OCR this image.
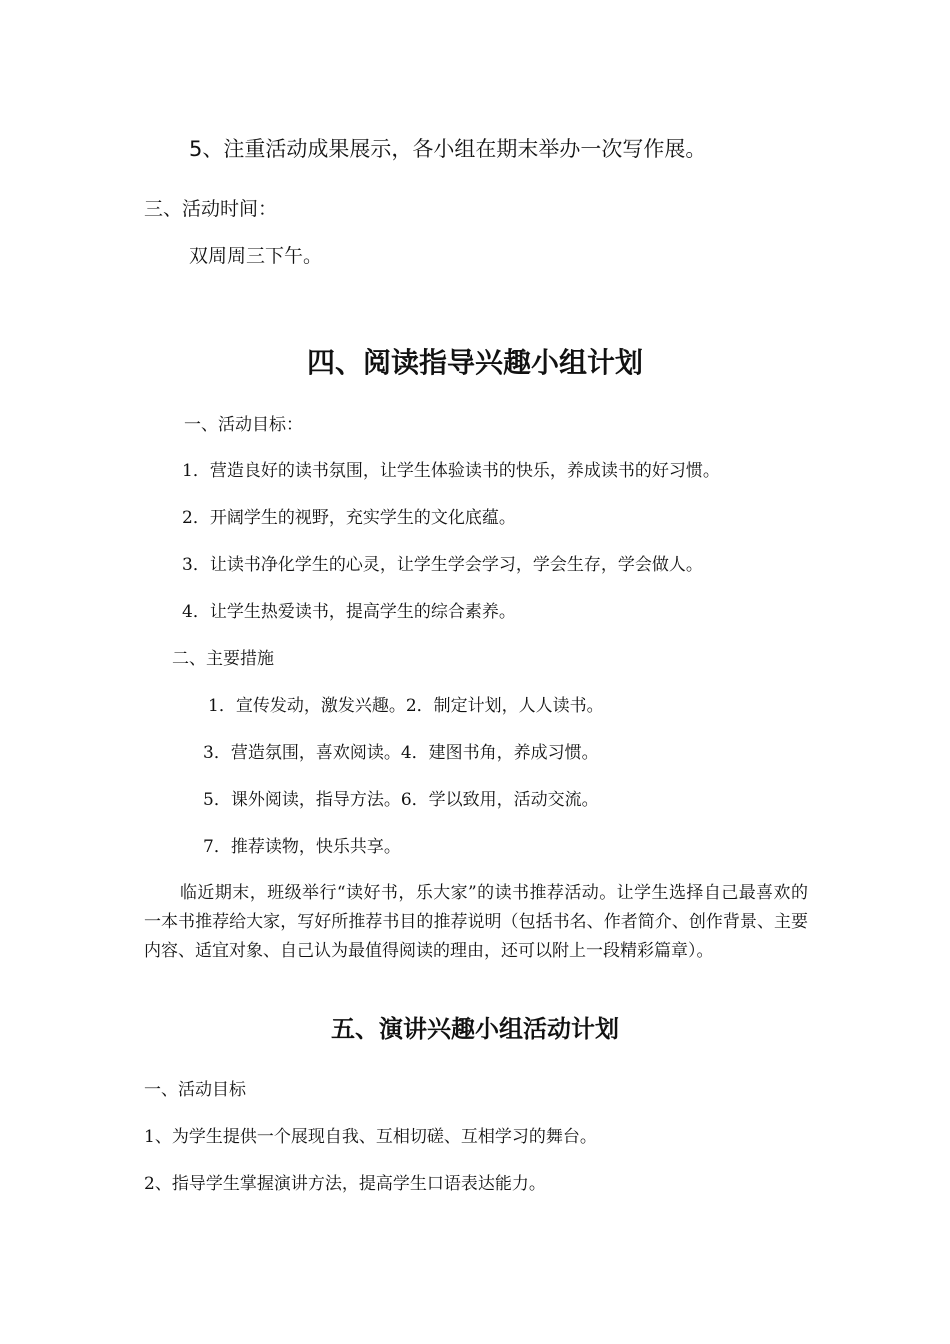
5、注重活动成果展示，各小组在期末举办一次写作展。
三、活动时间：
双周周三下午。
四、阅读指导兴趣小组计划
一、活动目标：
1．营造良好的读书氛围，让学生体验读书的快乐，养成读书的好习惯。
2．开阔学生的视野，充实学生的文化底蕴。
3．让读书净化学生的心灵，让学生学会学习，学会生存，学会做人。
4．让学生热爱读书，提高学生的综合素养。
二、主要措施
1．宣传发动，激发兴趣。2．制定计划，人人读书。
3．营造氛围，喜欢阅读。4．建图书角，养成习惯。
5．课外阅读，指导方法。6．学以致用，活动交流。
7．推荐读物，快乐共享。
临近期末，班级举行“读好书，乐大家”的读书推荐活动。让学生选择自己最喜欢的一本书推荐给大家，写好所推荐书目的推荐说明（包括书名、作者简介、创作背景、主要内容、适宜对象、自己认为最值得阅读的理由，还可以附上一段精彩篇章）。
五、演讲兴趣小组活动计划
一、活动目标
1、为学生提供一个展现自我、互相切磋、互相学习的舞台。
2、指导学生掌握演讲方法，提高学生口语表达能力。
